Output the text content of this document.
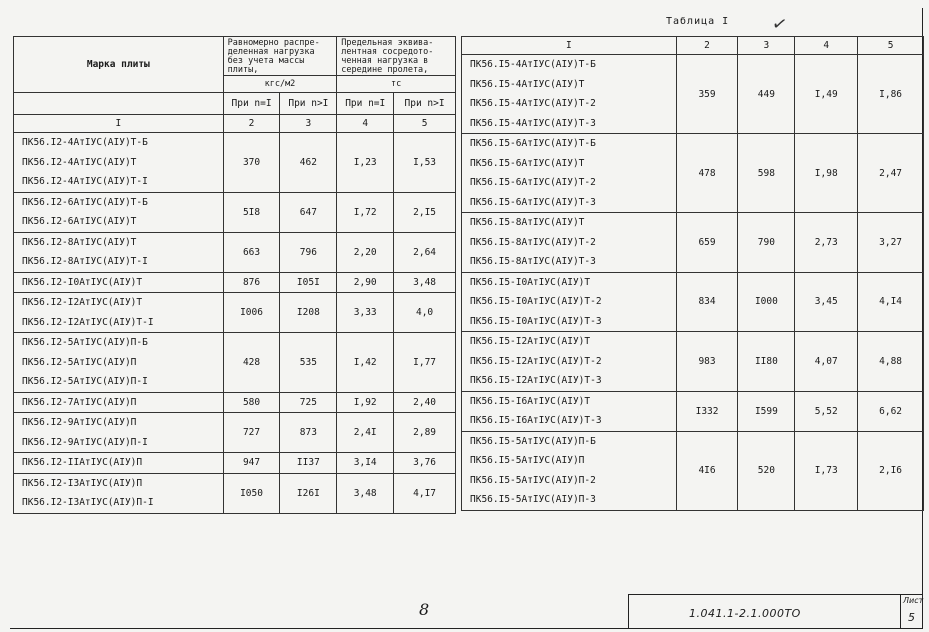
Таблица I ✓
Марка плиты	Равномерно распре-деленная нагрузка без учета массы плиты,		Предельная эквива-лентная сосредото-ченная нагрузка в середине пролета,	
	кгс/м2		тс	
	При n=I	При n>I	При n=I	При n>I
I	2	3	4	5

ПК56.I2-4АтIУС(АIУ)Т-Б
ПК56.I2-4АтIУС(АIУ)Т
ПК56.I2-4АтIУС(АIУ)Т-I	370	462	I,23	I,53

ПК56.I2-6АтIУС(АIУ)Т-Б
ПК56.I2-6АтIУС(АIУ)Т	5I8	647	I,72	2,I5

ПК56.I2-8АтIУС(АIУ)Т
ПК56.I2-8АтIУС(АIУ)Т-I	663	796	2,20	2,64

ПК56.I2-I0АтIУС(АIУ)Т	876	I05I	2,90	3,48

ПК56.I2-I2АтIУС(АIУ)Т
ПК56.I2-I2АтIУС(АIУ)Т-I	I006	I208	3,33	4,0

ПК56.I2-5АтIУС(АIУ)П-Б
ПК56.I2-5АтIУС(АIУ)П
ПК56.I2-5АтIУС(АIУ)П-I	428	535	I,42	I,77

ПК56.I2-7АтIУС(АIУ)П	580	725	I,92	2,40

ПК56.I2-9АтIУС(АIУ)П
ПК56.I2-9АтIУС(АIУ)П-I	727	873	2,4I	2,89

ПК56.I2-IIАтIУС(АIУ)П	947	II37	3,I4	3,76

ПК56.I2-I3АтIУС(АIУ)П
ПК56.I2-I3АтIУС(АIУ)П-I	I050	I26I	3,48	4,I7
I	2	3	4	5

ПК56.I5-4АтIУС(АIУ)Т-Б
ПК56.I5-4АтIУС(АIУ)Т
ПК56.I5-4АтIУС(АIУ)Т-2
ПК56.I5-4АтIУС(АIУ)Т-3	359	449	I,49	I,86

ПК56.I5-6АтIУС(АIУ)Т-Б
ПК56.I5-6АтIУС(АIУ)Т
ПК56.I5-6АтIУС(АIУ)Т-2
ПК56.I5-6АтIУС(АIУ)Т-3	478	598	I,98	2,47

ПК56.I5-8АтIУС(АIУ)Т
ПК56.I5-8АтIУС(АIУ)Т-2
ПК56.I5-8АтIУС(АIУ)Т-3	659	790	2,73	3,27

ПК56.I5-I0АтIУС(АIУ)Т
ПК56.I5-I0АтIУС(АIУ)Т-2
ПК56.I5-I0АтIУС(АIУ)Т-3	834	I000	3,45	4,I4

ПК56.I5-I2АтIУС(АIУ)Т
ПК56.I5-I2АтIУС(АIУ)Т-2
ПК56.I5-I2АтIУС(АIУ)Т-3	983	II80	4,07	4,88

ПК56.I5-I6АтIУС(АIУ)Т
ПК56.I5-I6АтIУС(АIУ)Т-3	I332	I599	5,52	6,62

ПК56.I5-5АтIУС(АIУ)П-Б
ПК56.I5-5АтIУС(АIУ)П
ПК56.I5-5АтIУС(АIУ)П-2
ПК56.I5-5АтIУС(АIУ)П-3	4I6	520	I,73	2,I6
1.041.1-2.1.000ТО
Лист
5
8
